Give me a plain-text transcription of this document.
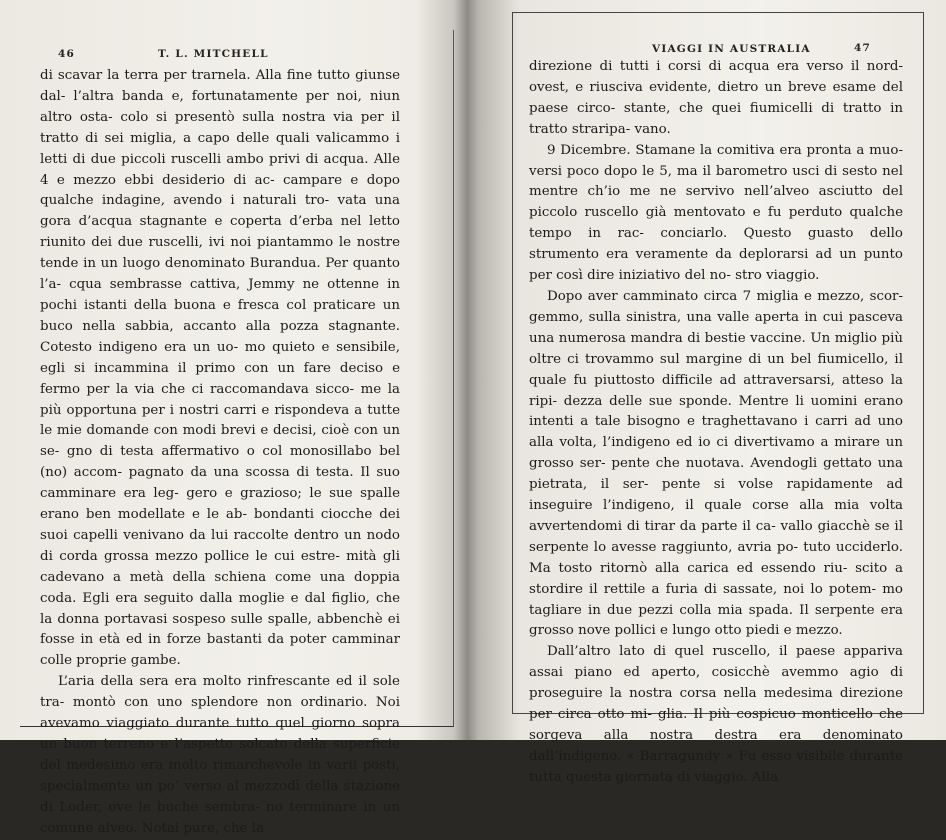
46	T. L. MITCHELL

di scavar la terra per trarnela. Alla fine tutto giunse dal- l’altra banda e, fortunatamente per noi, niun altro osta- colo si presentò sulla nostra via per il tratto di sei miglia, a capo delle quali valicammo i letti di due piccoli ruscelli ambo privi di acqua. Alle 4 e mezzo ebbi desiderio di ac- campare e dopo qualche indagine, avendo i naturali tro- vata una gora d’acqua stagnante e coperta d’erba nel letto riunito dei due ruscelli, ivi noi piantammo le nostre tende in un luogo denominato Burandua. Per quanto l’a- cqua sembrasse cattiva, Jemmy ne ottenne in pochi istanti della buona e fresca col praticare un buco nella sabbia, accanto alla pozza stagnante. Cotesto indigeno era un uo- mo quieto e sensibile, egli si incammina il primo con un fare deciso e fermo per la via che ci raccomandava sicco- me la più opportuna per i nostri carri e rispondeva a tutte le mie domande con modi brevi e decisi, cioè con un se- gno di testa affermativo o col monosillabo bel (no) accom- pagnato da una scossa di testa. Il suo camminare era leg- gero e grazioso; le sue spalle erano ben modellate e le ab- bondanti ciocche dei suoi capelli venivano da lui raccolte dentro un nodo di corda grossa mezzo pollice le cui estre- mità gli cadevano a metà della schiena come una doppia coda. Egli era seguito dalla moglie e dal figlio, che la donna portavasi sospeso sulle spalle, abbenchè ei fosse in età ed in forze bastanti da poter camminar colle proprie gambe.

L’aria della sera era molto rinfrescante ed il sole tra- montò con uno splendore non ordinario. Noi avevamo viaggiato durante tutto quel giorno sopra un buon terreno e l’aspetto solcato della superficie del medesimo era molto rimarchevole in varii posti, specialmente un po’ verso al mezzodì della stazione di Loder, ove le buche sembra- no terminare in un comune alveo. Notai pure, che la

VIAGGI IN AUSTRALIA	47

direzione di tutti i corsi di acqua era verso il nord-ovest, e riusciva evidente, dietro un breve esame del paese circo- stante, che quei fiumicelli di tratto in tratto straripa- vano.

9 Dicembre. Stamane la comitiva era pronta a muo- versi poco dopo le 5, ma il barometro usci di sesto nel mentre ch’io me ne servivo nell’alveo asciutto del piccolo ruscello già mentovato e fu perduto qualche tempo in rac- conciarlo. Questo guasto dello strumento era veramente da deplorarsi ad un punto per così dire iniziativo del no- stro viaggio.

Dopo aver camminato circa 7 miglia e mezzo, scor- gemmo, sulla sinistra, una valle aperta in cui pasceva una numerosa mandra di bestie vaccine. Un miglio più oltre ci trovammo sul margine di un bel fiumicello, il quale fu piuttosto difficile ad attraversarsi, atteso la ripi- dezza delle sue sponde. Mentre li uomini erano intenti a tale bisogno e traghettavano i carri ad uno alla volta, l’indigeno ed io ci divertivamo a mirare un grosso ser- pente che nuotava. Avendogli gettato una pietrata, il ser- pente si volse rapidamente ad inseguire l’indigeno, il quale corse alla mia volta avvertendomi di tirar da parte il ca- vallo giacchè se il serpente lo avesse raggiunto, avria po- tuto ucciderlo. Ma tosto ritornò alla carica ed essendo riu- scito a stordire il rettile a furia di sassate, noi lo potem- mo tagliare in due pezzi colla mia spada. Il serpente era grosso nove pollici e lungo otto piedi e mezzo.

Dall’altro lato di quel ruscello, il paese appariva assai piano ed aperto, cosicchè avemmo agio di proseguire la nostra corsa nella medesima direzione per circa otto mi- glia. Il più cospicuo monticello che sorgeva alla nostra destra era denominato dall’indigeno. « Barragundy » Fu esso visibile durante tutta questa giornata di viaggio. Alla
